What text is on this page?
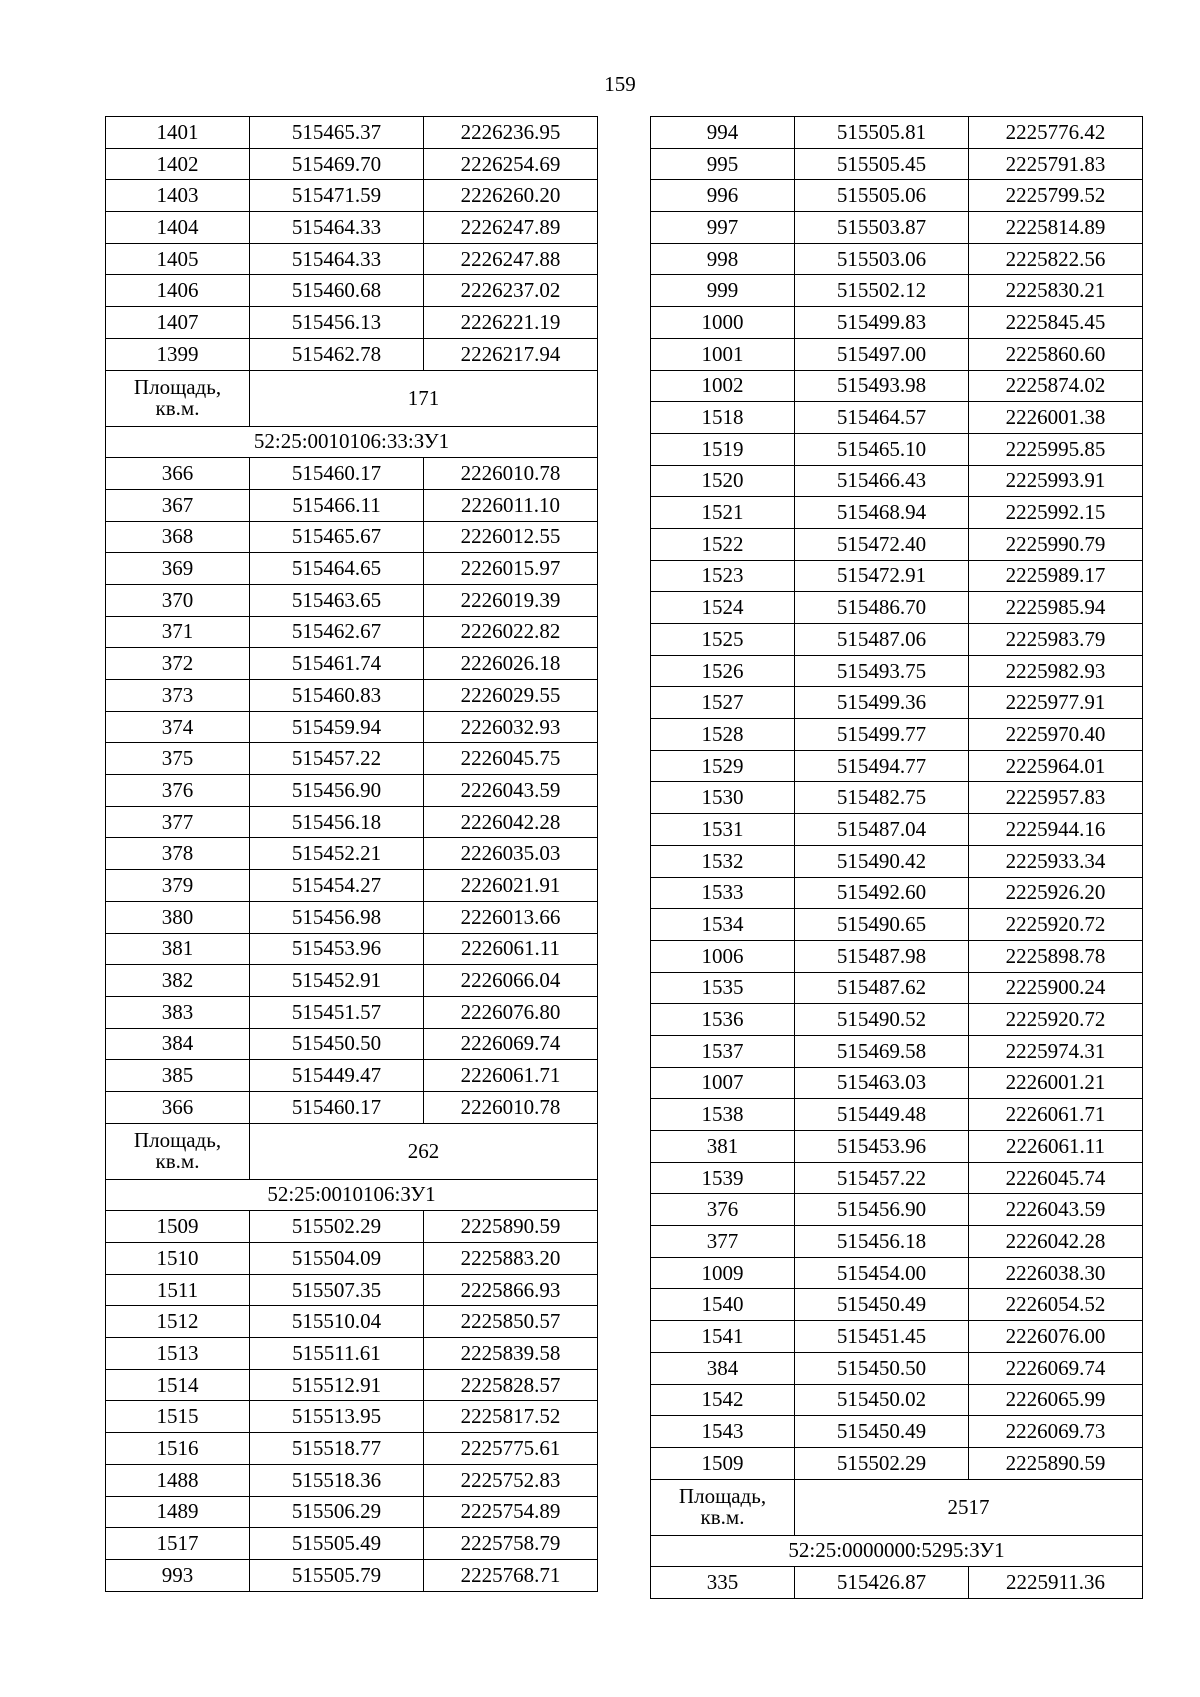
159
1401	515465.37	2226236.95
1402	515469.70	2226254.69
1403	515471.59	2226260.20
1404	515464.33	2226247.89
1405	515464.33	2226247.88
1406	515460.68	2226237.02
1407	515456.13	2226221.19
1399	515462.78	2226217.94

Площадь,
кв.м.	171	
52:25:0010106:33:ЗУ1		
366	515460.17	2226010.78
367	515466.11	2226011.10
368	515465.67	2226012.55
369	515464.65	2226015.97
370	515463.65	2226019.39
371	515462.67	2226022.82
372	515461.74	2226026.18
373	515460.83	2226029.55
374	515459.94	2226032.93
375	515457.22	2226045.75
376	515456.90	2226043.59
377	515456.18	2226042.28
378	515452.21	2226035.03
379	515454.27	2226021.91
380	515456.98	2226013.66
381	515453.96	2226061.11
382	515452.91	2226066.04
383	515451.57	2226076.80
384	515450.50	2226069.74
385	515449.47	2226061.71
366	515460.17	2226010.78

Площадь,
кв.м.	262	
52:25:0010106:ЗУ1		
1509	515502.29	2225890.59
1510	515504.09	2225883.20
1511	515507.35	2225866.93
1512	515510.04	2225850.57
1513	515511.61	2225839.58
1514	515512.91	2225828.57
1515	515513.95	2225817.52
1516	515518.77	2225775.61
1488	515518.36	2225752.83
1489	515506.29	2225754.89
1517	515505.49	2225758.79
993	515505.79	2225768.71
994	515505.81	2225776.42
995	515505.45	2225791.83
996	515505.06	2225799.52
997	515503.87	2225814.89
998	515503.06	2225822.56
999	515502.12	2225830.21
1000	515499.83	2225845.45
1001	515497.00	2225860.60
1002	515493.98	2225874.02
1518	515464.57	2226001.38
1519	515465.10	2225995.85
1520	515466.43	2225993.91
1521	515468.94	2225992.15
1522	515472.40	2225990.79
1523	515472.91	2225989.17
1524	515486.70	2225985.94
1525	515487.06	2225983.79
1526	515493.75	2225982.93
1527	515499.36	2225977.91
1528	515499.77	2225970.40
1529	515494.77	2225964.01
1530	515482.75	2225957.83
1531	515487.04	2225944.16
1532	515490.42	2225933.34
1533	515492.60	2225926.20
1534	515490.65	2225920.72
1006	515487.98	2225898.78
1535	515487.62	2225900.24
1536	515490.52	2225920.72
1537	515469.58	2225974.31
1007	515463.03	2226001.21
1538	515449.48	2226061.71
381	515453.96	2226061.11
1539	515457.22	2226045.74
376	515456.90	2226043.59
377	515456.18	2226042.28
1009	515454.00	2226038.30
1540	515450.49	2226054.52
1541	515451.45	2226076.00
384	515450.50	2226069.74
1542	515450.02	2226065.99
1543	515450.49	2226069.73
1509	515502.29	2225890.59

Площадь,
кв.м.	2517	
52:25:0000000:5295:ЗУ1		
335	515426.87	2225911.36
